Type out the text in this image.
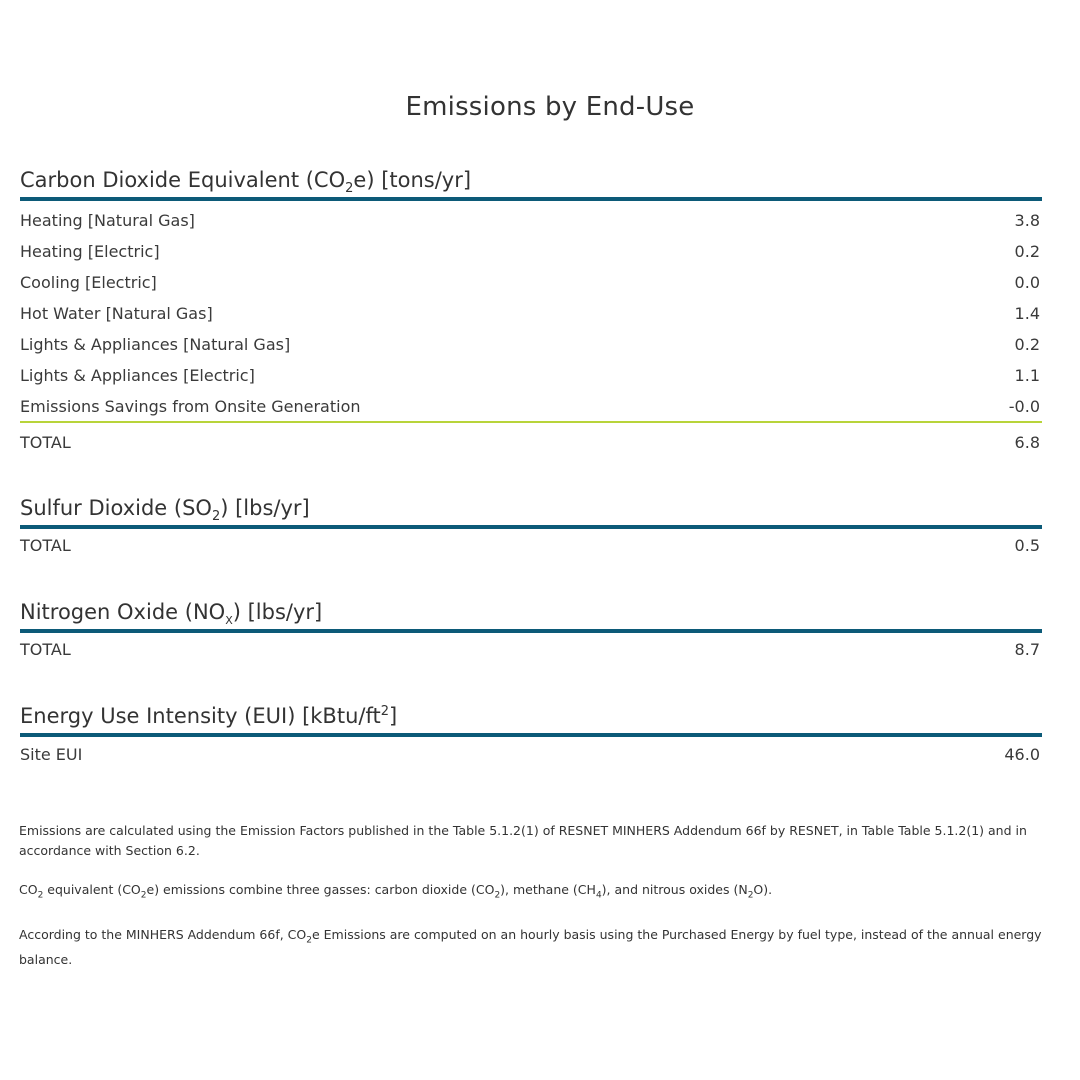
Emissions by End-Use
Carbon Dioxide Equivalent $(CO_2e)$ [tons/yr]
Heating [Natural Gas]	3.8
Heating [Electric]	0.2
Cooling [Electric]	0.0
Hot Water [Natural Gas]	1.4
Lights & Appliances [Natural Gas]	0.2
Lights & Appliances [Electric]	1.1
Emissions Savings from Onsite Generation	-0.0
TOTAL	6.8
Sulfur Dioxide $(SO_2)$ [lbs/yr]
TOTAL	0.5
Nitrogen Oxide $(NO_X)$ [lbs/yr]
TOTAL	8.7
Energy Use Intensity (EUI) $[kBtu/ft^2]$
Site EUI	46.0

Emissions are calculated using the Emission Factors published in the Table 5.1.2(1) of RESNET MINHERS Addendum 66f by RESNET, in Table Table 5.1.2(1) and in accordance with Section 6.2.

$CO_2$ equivalent $(CO_2e)$ emissions combine three gasses: carbon dioxide $(CO_2)$, methane $(CH_4)$, and nitrous oxides $(N_2O)$.

According to the MINHERS Addendum 66f, $CO_2e$ Emissions are computed on an hourly basis using the Purchased Energy by fuel type, instead of the annual energy balance.
